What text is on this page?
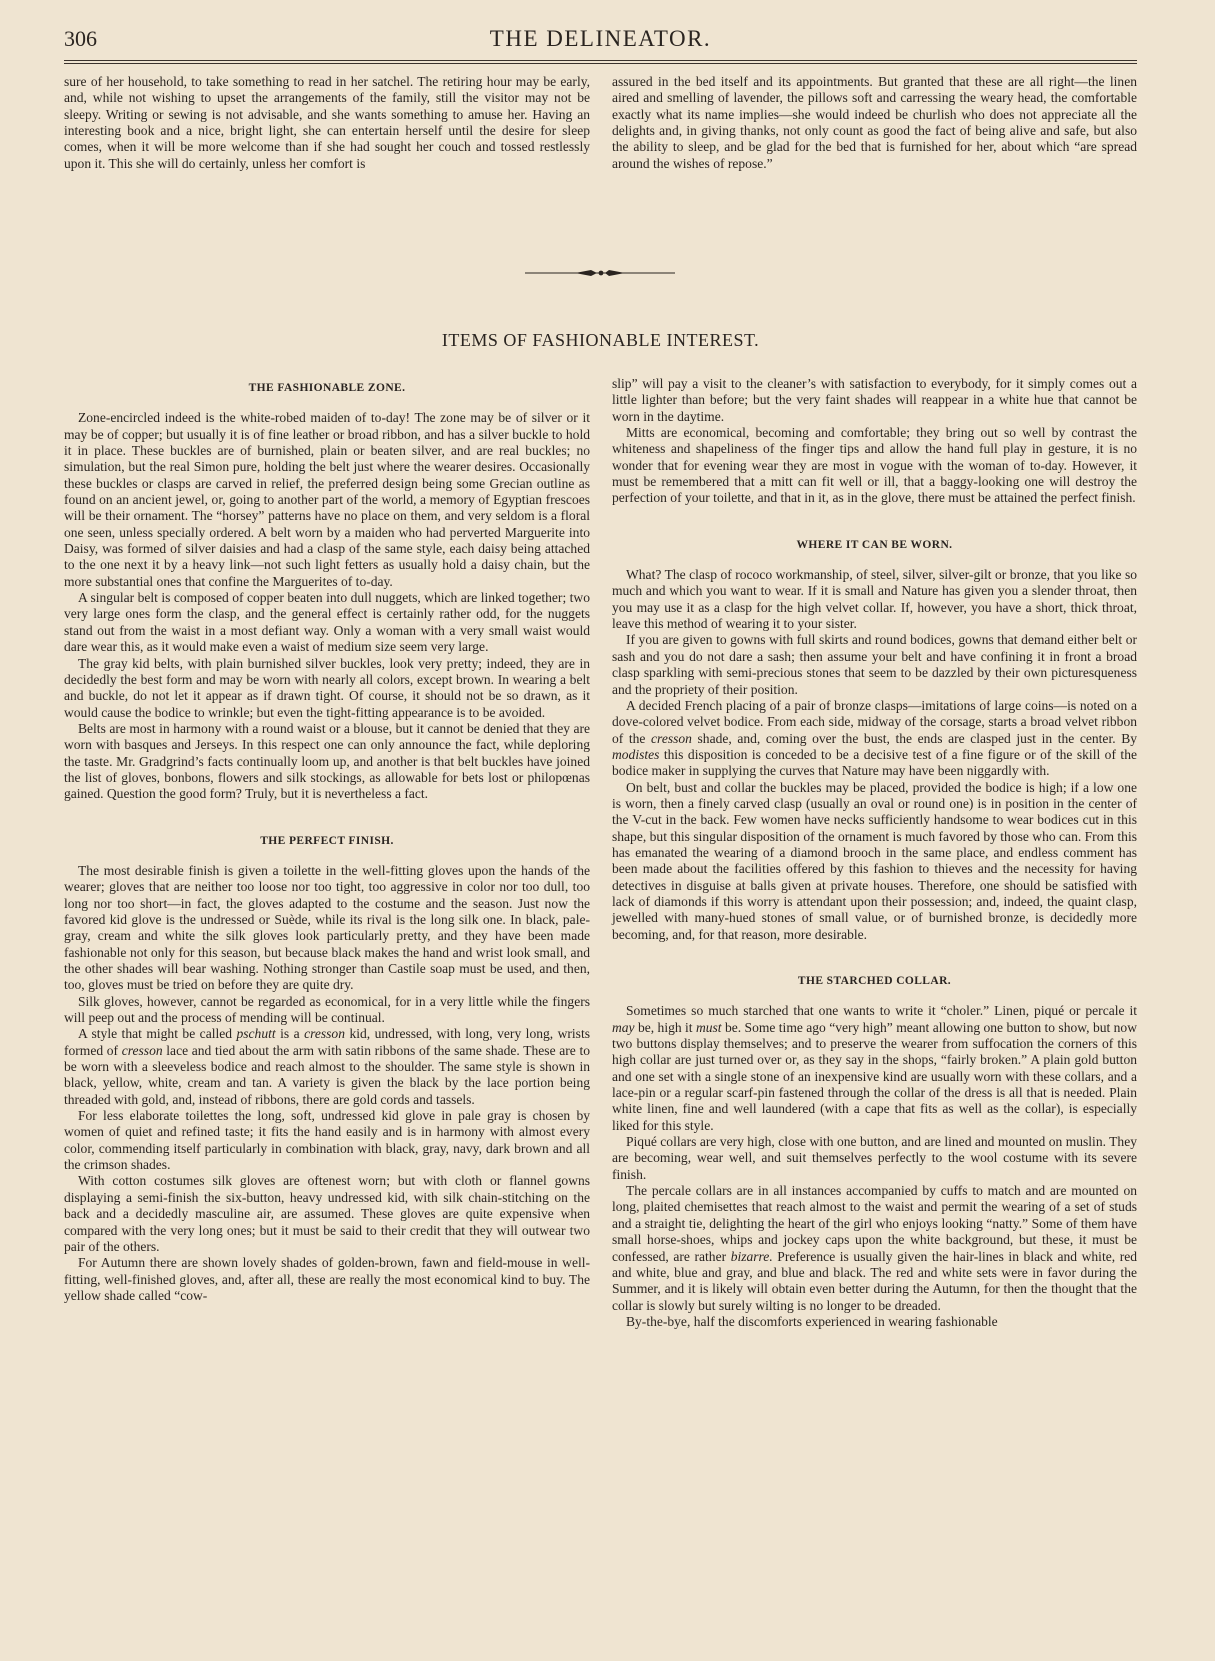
306	THE DELINEATOR.

sure of her household, to take something to read in her satchel. The retiring hour may be early, and, while not wishing to upset the arrangements of the family, still the visitor may not be sleepy. Writing or sewing is not advisable, and she wants something to amuse her. Having an interesting book and a nice, bright light, she can entertain herself until the desire for sleep comes, when it will be more welcome than if she had sought her couch and tossed restlessly upon it. This she will do certainly, unless her comfort is

assured in the bed itself and its appointments. But granted that these are all right—the linen aired and smelling of lavender, the pillows soft and carressing the weary head, the comfortable exactly what its name implies—she would indeed be churlish who does not appreciate all the delights and, in giving thanks, not only count as good the fact of being alive and safe, but also the ability to sleep, and be glad for the bed that is furnished for her, about which “are spread around the wishes of repose.”

ITEMS OF FASHIONABLE INTEREST.
THE FASHIONABLE ZONE.

Zone-encircled indeed is the white-robed maiden of to-day! The zone may be of silver or it may be of copper; but usually it is of fine leather or broad ribbon, and has a silver buckle to hold it in place. These buckles are of burnished, plain or beaten silver, and are real buckles; no simulation, but the real Simon pure, holding the belt just where the wearer desires. Occasionally these buckles or clasps are carved in relief, the preferred design being some Grecian outline as found on an ancient jewel, or, going to another part of the world, a memory of Egyptian frescoes will be their ornament. The “horsey” patterns have no place on them, and very seldom is a floral one seen, unless specially ordered. A belt worn by a maiden who had perverted Marguerite into Daisy, was formed of silver daisies and had a clasp of the same style, each daisy being attached to the one next it by a heavy link—not such light fetters as usually hold a daisy chain, but the more substantial ones that confine the Marguerites of to-day.

A singular belt is composed of copper beaten into dull nuggets, which are linked together; two very large ones form the clasp, and the general effect is certainly rather odd, for the nuggets stand out from the waist in a most defiant way. Only a woman with a very small waist would dare wear this, as it would make even a waist of medium size seem very large.

The gray kid belts, with plain burnished silver buckles, look very pretty; indeed, they are in decidedly the best form and may be worn with nearly all colors, except brown. In wearing a belt and buckle, do not let it appear as if drawn tight. Of course, it should not be so drawn, as it would cause the bodice to wrinkle; but even the tight-fitting appearance is to be avoided.

Belts are most in harmony with a round waist or a blouse, but it cannot be denied that they are worn with basques and Jerseys. In this respect one can only announce the fact, while deploring the taste. Mr. Gradgrind’s facts continually loom up, and another is that belt buckles have joined the list of gloves, bonbons, flowers and silk stockings, as allowable for bets lost or philopœnas gained. Question the good form? Truly, but it is nevertheless a fact.

THE PERFECT FINISH.

The most desirable finish is given a toilette in the well-fitting gloves upon the hands of the wearer; gloves that are neither too loose nor too tight, too aggressive in color nor too dull, too long nor too short—in fact, the gloves adapted to the costume and the season. Just now the favored kid glove is the undressed or Suède, while its rival is the long silk one. In black, pale-gray, cream and white the silk gloves look particularly pretty, and they have been made fashionable not only for this season, but because black makes the hand and wrist look small, and the other shades will bear washing. Nothing stronger than Castile soap must be used, and then, too, gloves must be tried on before they are quite dry.

Silk gloves, however, cannot be regarded as economical, for in a very little while the fingers will peep out and the process of mending will be continual.

A style that might be called pschutt is a cresson kid, undressed, with long, very long, wrists formed of cresson lace and tied about the arm with satin ribbons of the same shade. These are to be worn with a sleeveless bodice and reach almost to the shoulder. The same style is shown in black, yellow, white, cream and tan. A variety is given the black by the lace portion being threaded with gold, and, instead of ribbons, there are gold cords and tassels.

For less elaborate toilettes the long, soft, undressed kid glove in pale gray is chosen by women of quiet and refined taste; it fits the hand easily and is in harmony with almost every color, commending itself particularly in combination with black, gray, navy, dark brown and all the crimson shades.

With cotton costumes silk gloves are oftenest worn; but with cloth or flannel gowns displaying a semi-finish the six-button, heavy undressed kid, with silk chain-stitching on the back and a decidedly masculine air, are assumed. These gloves are quite expensive when compared with the very long ones; but it must be said to their credit that they will outwear two pair of the others.

For Autumn there are shown lovely shades of golden-brown, fawn and field-mouse in well-fitting, well-finished gloves, and, after all, these are really the most economical kind to buy. The yellow shade called “cow-

slip” will pay a visit to the cleaner’s with satisfaction to everybody, for it simply comes out a little lighter than before; but the very faint shades will reappear in a white hue that cannot be worn in the daytime.

Mitts are economical, becoming and comfortable; they bring out so well by contrast the whiteness and shapeliness of the finger tips and allow the hand full play in gesture, it is no wonder that for evening wear they are most in vogue with the woman of to-day. However, it must be remembered that a mitt can fit well or ill, that a baggy-looking one will destroy the perfection of your toilette, and that in it, as in the glove, there must be attained the perfect finish.

WHERE IT CAN BE WORN.

What? The clasp of rococo workmanship, of steel, silver, silver-gilt or bronze, that you like so much and which you want to wear. If it is small and Nature has given you a slender throat, then you may use it as a clasp for the high velvet collar. If, however, you have a short, thick throat, leave this method of wearing it to your sister.

If you are given to gowns with full skirts and round bodices, gowns that demand either belt or sash and you do not dare a sash; then assume your belt and have confining it in front a broad clasp sparkling with semi-precious stones that seem to be dazzled by their own picturesqueness and the propriety of their position.

A decided French placing of a pair of bronze clasps—imitations of large coins—is noted on a dove-colored velvet bodice. From each side, midway of the corsage, starts a broad velvet ribbon of the cresson shade, and, coming over the bust, the ends are clasped just in the center. By modistes this disposition is conceded to be a decisive test of a fine figure or of the skill of the bodice maker in supplying the curves that Nature may have been niggardly with.

On belt, bust and collar the buckles may be placed, provided the bodice is high; if a low one is worn, then a finely carved clasp (usually an oval or round one) is in position in the center of the V-cut in the back. Few women have necks sufficiently handsome to wear bodices cut in this shape, but this singular disposition of the ornament is much favored by those who can. From this has emanated the wearing of a diamond brooch in the same place, and endless comment has been made about the facilities offered by this fashion to thieves and the necessity for having detectives in disguise at balls given at private houses. Therefore, one should be satisfied with lack of diamonds if this worry is attendant upon their possession; and, indeed, the quaint clasp, jewelled with many-hued stones of small value, or of burnished bronze, is decidedly more becoming, and, for that reason, more desirable.

THE STARCHED COLLAR.

Sometimes so much starched that one wants to write it “choler.” Linen, piqué or percale it may be, high it must be. Some time ago “very high” meant allowing one button to show, but now two buttons display themselves; and to preserve the wearer from suffocation the corners of this high collar are just turned over or, as they say in the shops, “fairly broken.” A plain gold button and one set with a single stone of an inexpensive kind are usually worn with these collars, and a lace-pin or a regular scarf-pin fastened through the collar of the dress is all that is needed. Plain white linen, fine and well laundered (with a cape that fits as well as the collar), is especially liked for this style.

Piqué collars are very high, close with one button, and are lined and mounted on muslin. They are becoming, wear well, and suit themselves perfectly to the wool costume with its severe finish.

The percale collars are in all instances accompanied by cuffs to match and are mounted on long, plaited chemisettes that reach almost to the waist and permit the wearing of a set of studs and a straight tie, delighting the heart of the girl who enjoys looking “natty.” Some of them have small horse-shoes, whips and jockey caps upon the white background, but these, it must be confessed, are rather bizarre. Preference is usually given the hair-lines in black and white, red and white, blue and gray, and blue and black. The red and white sets were in favor during the Summer, and it is likely will obtain even better during the Autumn, for then the thought that the collar is slowly but surely wilting is no longer to be dreaded.

By-the-bye, half the discomforts experienced in wearing fashionable
